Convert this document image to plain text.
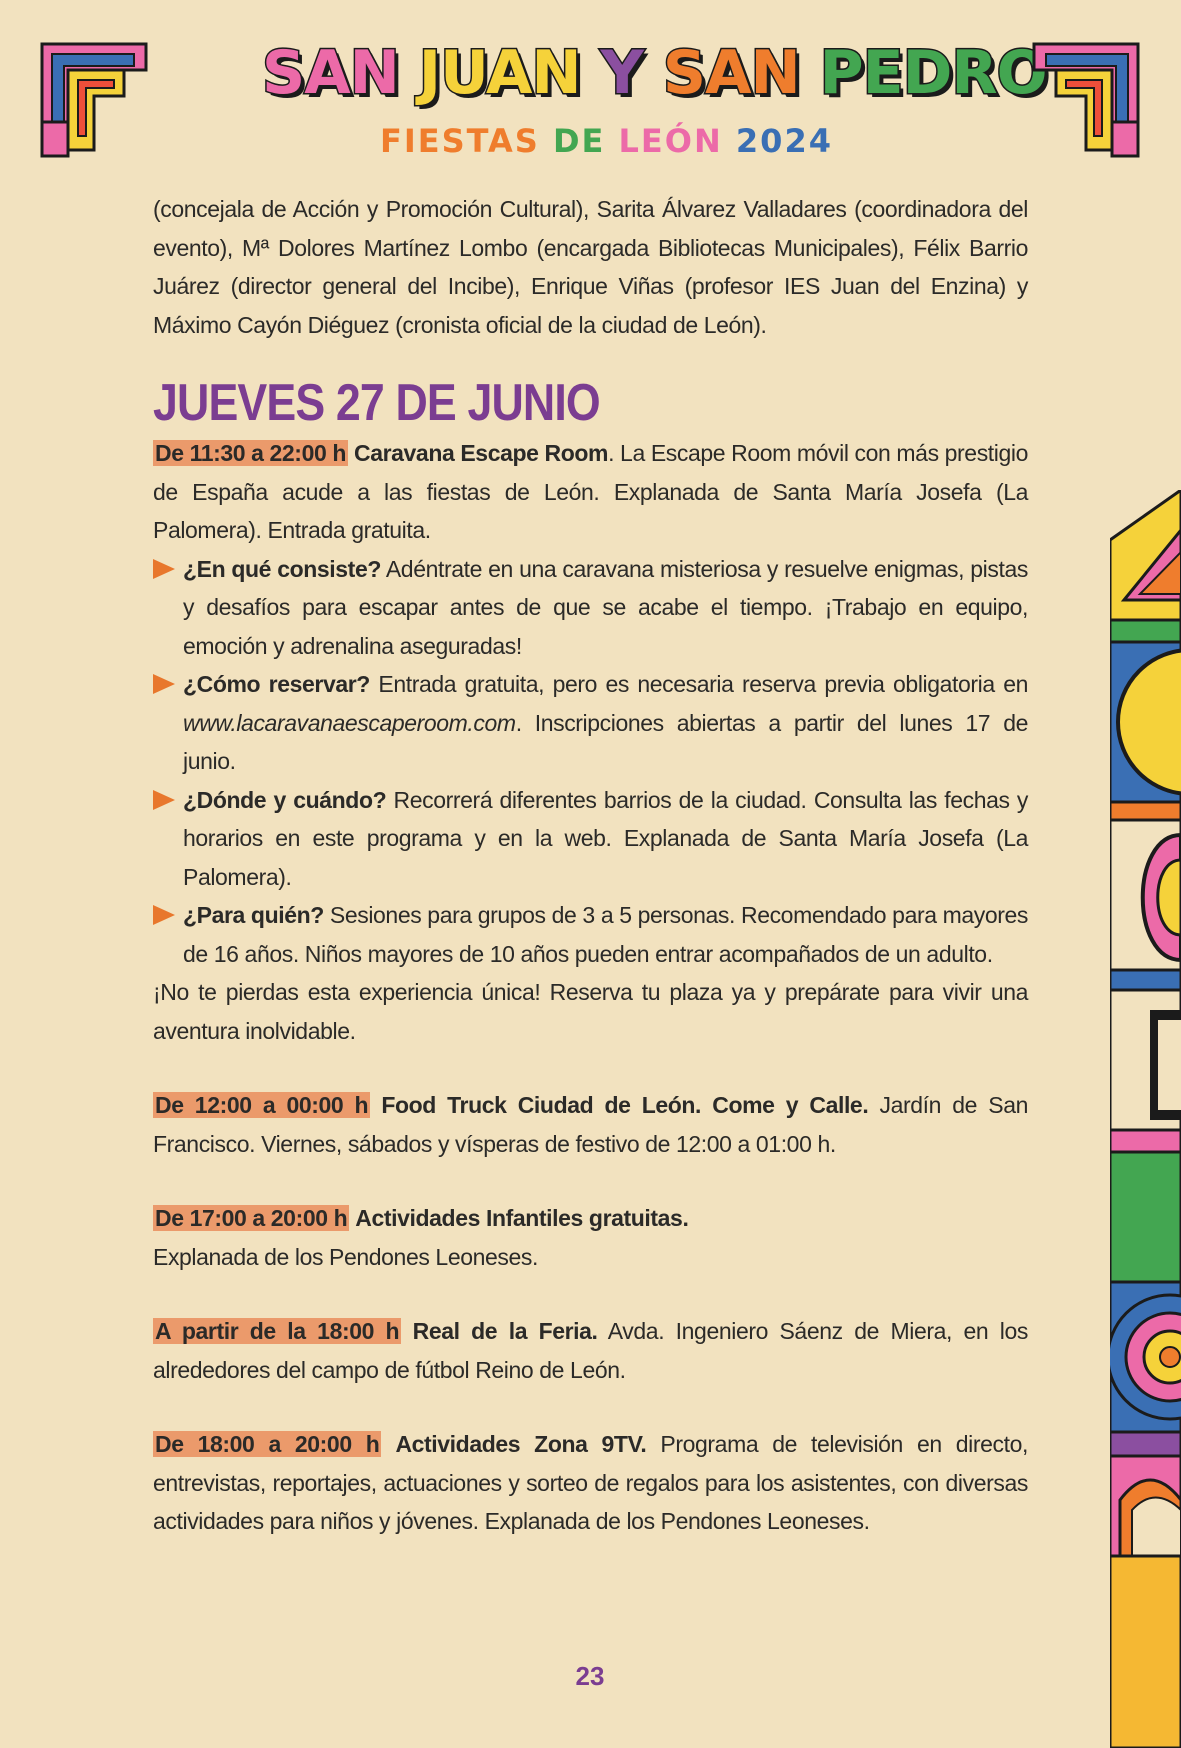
SAN JUAN Y SAN PEDRO
FIESTAS DE LEÓN 2024

(concejala de Acción y Promoción Cultural), Sarita Álvarez Valladares (coordinadora del evento), Mª Dolores Martínez Lombo (encargada Bibliotecas Municipales), Félix Barrio Juárez (director general del Incibe), Enrique Viñas (profesor IES Juan del Enzina) y Máximo Cayón Diéguez (cronista oficial de la ciudad de León).

JUEVES 27 DE JUNIO

De 11:30 a 22:00 h Caravana Escape Room. La Escape Room móvil con más prestigio de España acude a las fiestas de León. Explanada de Santa María Josefa (La Palomera). Entrada gratuita.

¿En qué consiste? Adéntrate en una caravana misteriosa y resuelve enigmas, pistas y desafíos para escapar antes de que se acabe el tiempo. ¡Trabajo en equipo, emoción y adrenalina aseguradas!
¿Cómo reservar? Entrada gratuita, pero es necesaria reserva previa obligatoria en www.lacaravanaescaperoom.com. Inscripciones abiertas a partir del lunes 17 de junio.
¿Dónde y cuándo? Recorrerá diferentes barrios de la ciudad. Consulta las fechas y horarios en este programa y en la web. Explanada de Santa María Josefa (La Palomera).
¿Para quién? Sesiones para grupos de 3 a 5 personas. Recomendado para mayores de 16 años. Niños mayores de 10 años pueden entrar acompañados de un adulto.

¡No te pierdas esta experiencia única! Reserva tu plaza ya y prepárate para vivir una aventura inolvidable.

De 12:00 a 00:00 h Food Truck Ciudad de León. Come y Calle. Jardín de San Francisco. Viernes, sábados y vísperas de festivo de 12:00 a 01:00 h.

De 17:00 a 20:00 h Actividades Infantiles gratuitas.
Explanada de los Pendones Leoneses.

A partir de la 18:00 h Real de la Feria. Avda. Ingeniero Sáenz de Miera, en los alrededores del campo de fútbol Reino de León.

De 18:00 a 20:00 h Actividades Zona 9TV. Programa de televisión en directo, entrevistas, reportajes, actuaciones y sorteo de regalos para los asistentes, con diversas actividades para niños y jóvenes. Explanada de los Pendones Leoneses.

23
